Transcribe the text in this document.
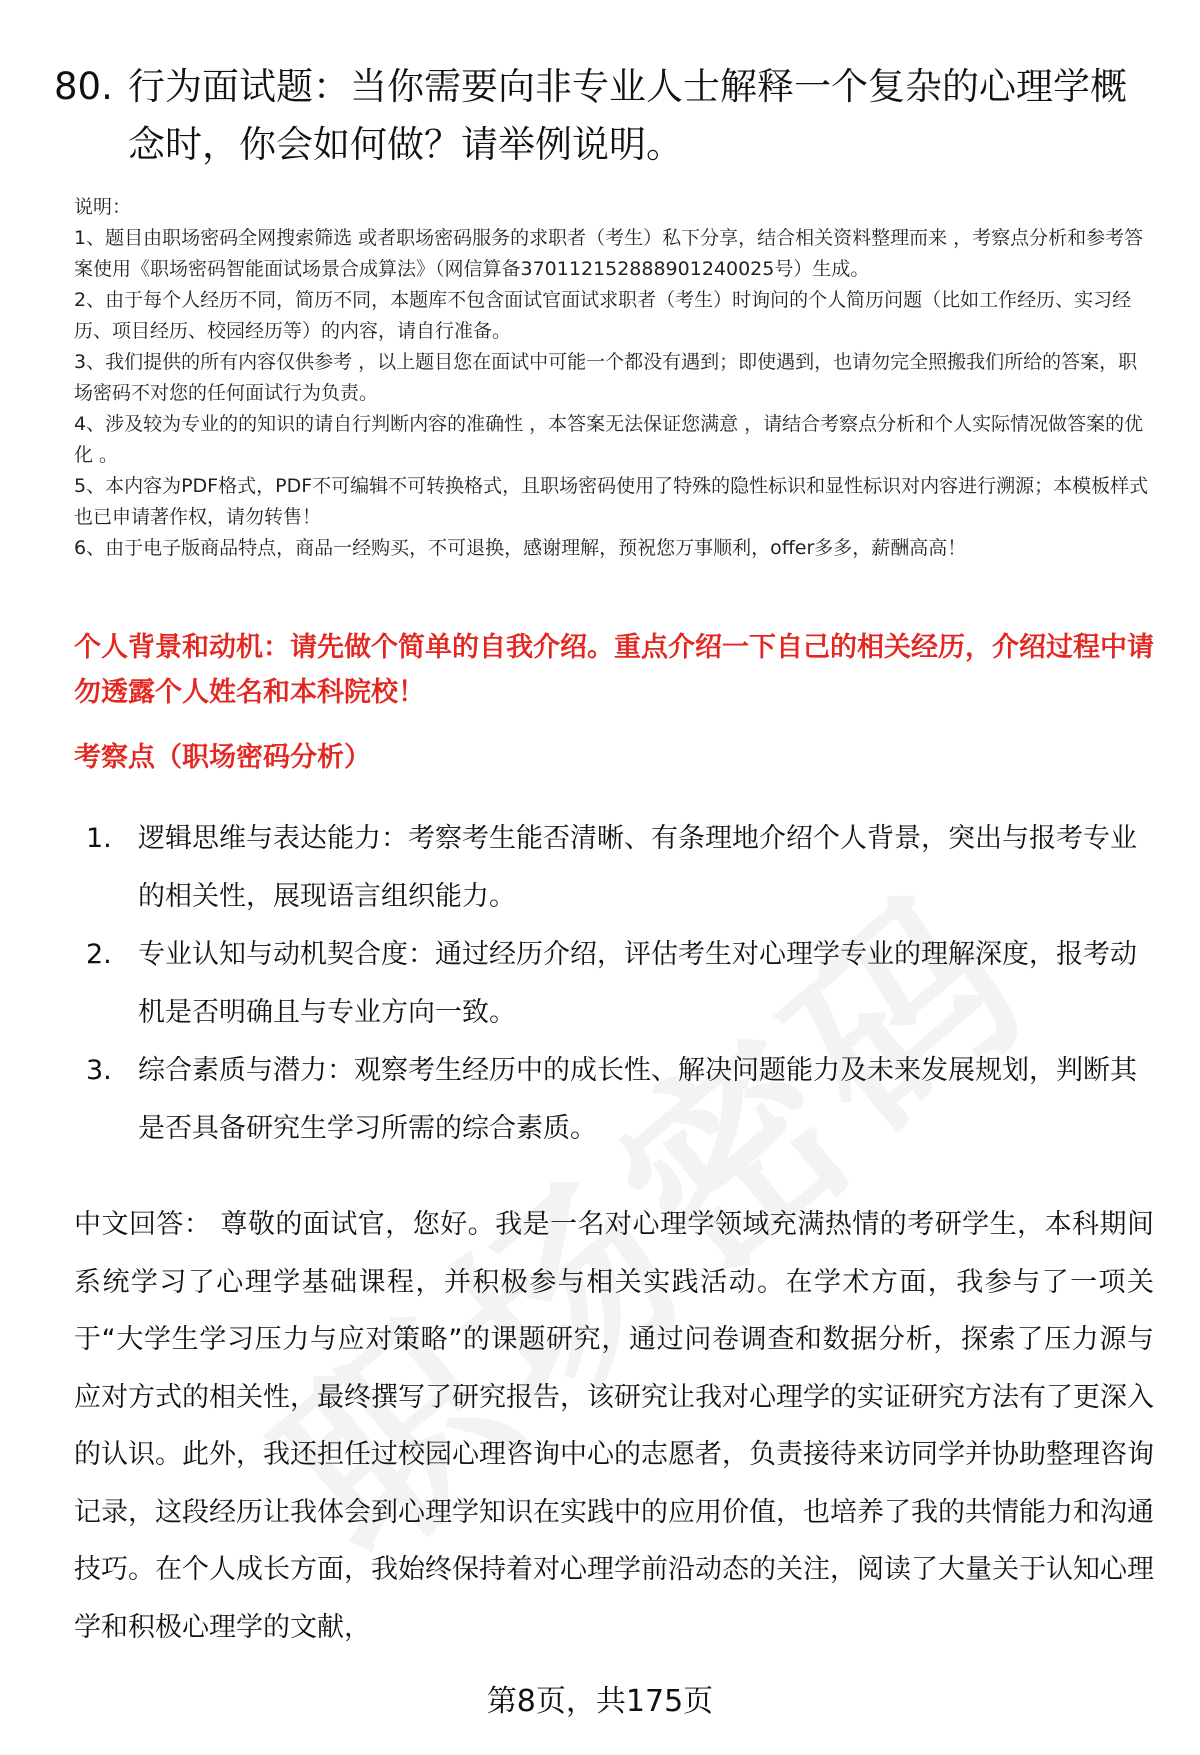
80. 行为面试题：当你需要向非专业人士解释一个复杂的心理学概念时，你会如何做？请举例说明。

说明：

1、题目由职场密码全网搜索筛选 或者职场密码服务的求职者（考生）私下分享，结合相关资料整理而来 ，考察点分析和参考答案使用《职场密码智能面试场景合成算法》（网信算备370112152888901240025号）生成。

2、由于每个人经历不同，简历不同，本题库不包含面试官面试求职者（考生）时询问的个人简历问题（比如工作经历、实习经历、项目经历、校园经历等）的内容，请自行准备。

3、我们提供的所有内容仅供参考 ，以上题目您在面试中可能一个都没有遇到；即使遇到，也请勿完全照搬我们所给的答案，职场密码不对您的任何面试行为负责。

4、涉及较为专业的的知识的请自行判断内容的准确性 ，本答案无法保证您满意 ，请结合考察点分析和个人实际情况做答案的优化 。

5、本内容为PDF格式，PDF不可编辑不可转换格式，且职场密码使用了特殊的隐性标识和显性标识对内容进行溯源；本模板样式也已申请著作权，请勿转售！

6、由于电子版商品特点，商品一经购买，不可退换，感谢理解，预祝您万事顺利，offer多多，薪酬高高！

个人背景和动机：请先做个简单的自我介绍。重点介绍一下自己的相关经历，介绍过程中请勿透露个人姓名和本科院校！
考察点（职场密码分析）
1. 逻辑思维与表达能力：考察考生能否清晰、有条理地介绍个人背景，突出与报考专业的相关性，展现语言组织能力。
2. 专业认知与动机契合度：通过经历介绍，评估考生对心理学专业的理解深度，报考动机是否明确且与专业方向一致。
3. 综合素质与潜力：观察考生经历中的成长性、解决问题能力及未来发展规划，判断其是否具备研究生学习所需的综合素质。

中文回答： 尊敬的面试官，您好。我是一名对心理学领域充满热情的考研学生，本科期间系统学习了心理学基础课程，并积极参与相关实践活动。在学术方面，我参与了一项关于“大学生学习压力与应对策略”的课题研究，通过问卷调查和数据分析，探索了压力源与应对方式的相关性，最终撰写了研究报告，该研究让我对心理学的实证研究方法有了更深入的认识。此外，我还担任过校园心理咨询中心的志愿者，负责接待来访同学并协助整理咨询记录，这段经历让我体会到心理学知识在实践中的应用价值，也培养了我的共情能力和沟通技巧。在个人成长方面，我始终保持着对心理学前沿动态的关注，阅读了大量关于认知心理学和积极心理学的文献，

第8页，共175页
